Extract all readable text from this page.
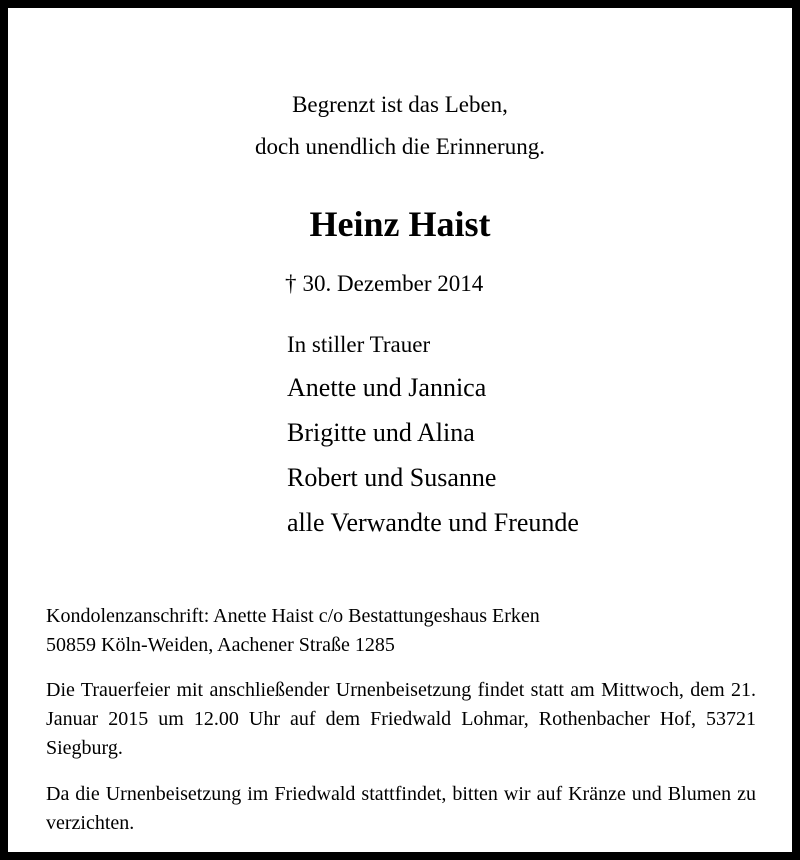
Begrenzt ist das Leben,
doch unendlich die Erinnerung.
Heinz Haist
† 30. Dezember 2014
In stiller Trauer
Anette und Jannica
Brigitte und Alina
Robert und Susanne
alle Verwandte und Freunde
Kondolenzanschrift: Anette Haist c/o Bestattungeshaus Erken
50859 Köln-Weiden, Aachener Straße 1285
Die Trauerfeier mit anschließender Urnenbeisetzung findet statt am Mittwoch, dem 21. Januar 2015 um 12.00 Uhr auf dem Friedwald Lohmar, Rothenbacher Hof, 53721 Siegburg.
Da die Urnenbeisetzung im Friedwald stattfindet, bitten wir auf Kränze und Blumen zu verzichten.
